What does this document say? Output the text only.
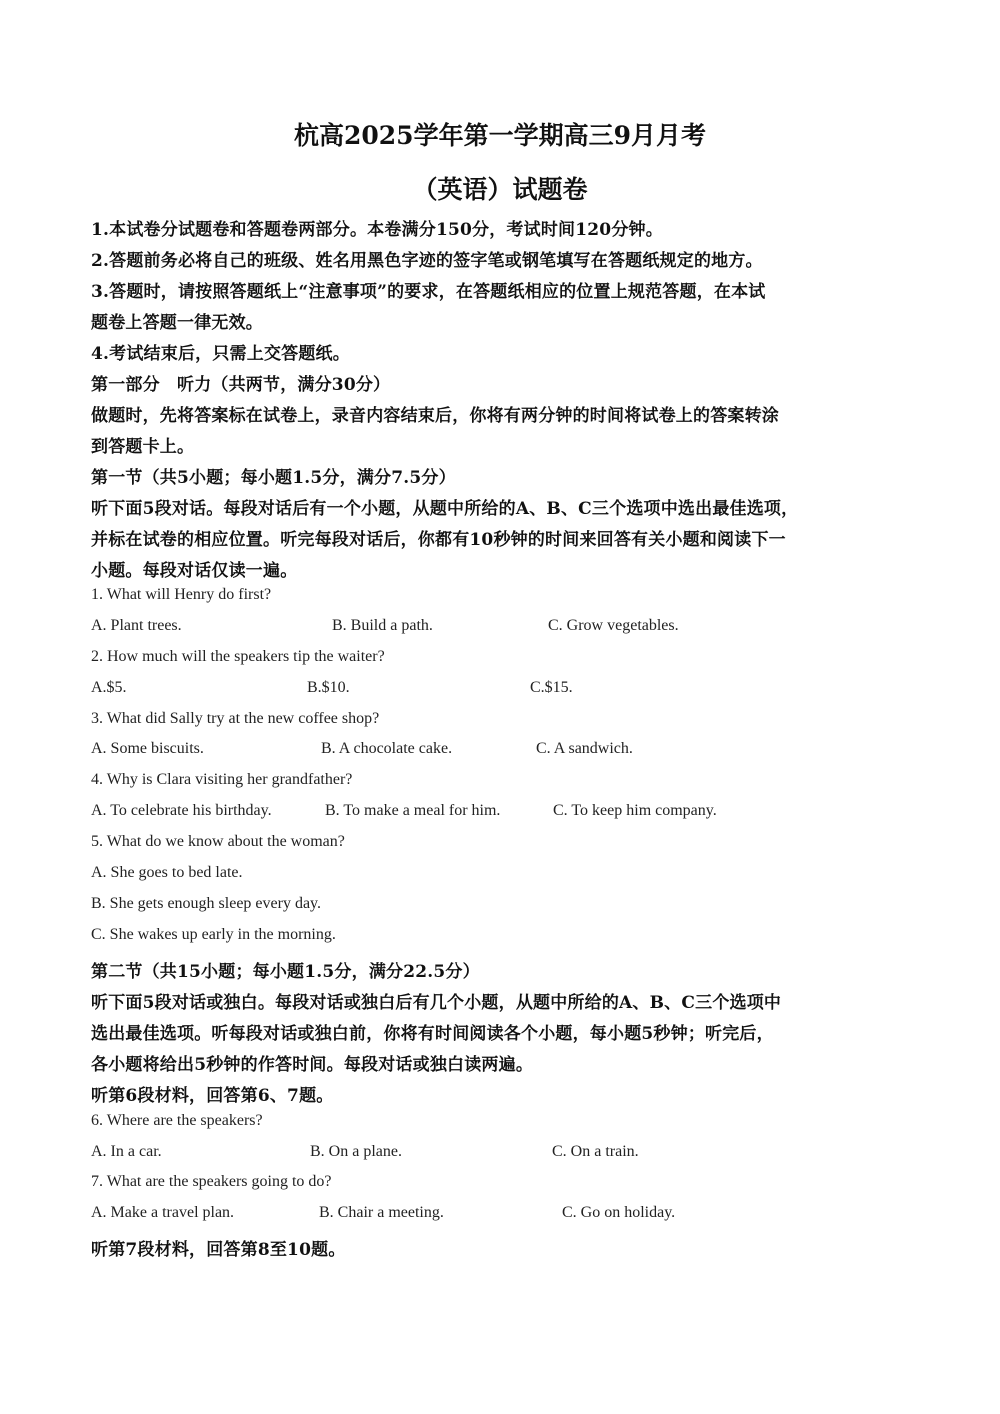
杭高2025学年第一学期高三9月月考
（英语）试题卷
1.本试卷分试题卷和答题卷两部分。本卷满分150分，考试时间120分钟。
2.答题前务必将自己的班级、姓名用黑色字迹的签字笔或钢笔填写在答题纸规定的地方。
3.答题时，请按照答题纸上“注意事项”的要求，在答题纸相应的位置上规范答题，在本试
题卷上答题一律无效。
4.考试结束后，只需上交答题纸。
第一部分　听力（共两节，满分30分）
做题时，先将答案标在试卷上，录音内容结束后，你将有两分钟的时间将试卷上的答案转涂
到答题卡上。
第一节（共5小题；每小题1.5分，满分7.5分）
听下面5段对话。每段对话后有一个小题，从题中所给的A、B、C三个选项中选出最佳选项，
并标在试卷的相应位置。听完每段对话后，你都有10秒钟的时间来回答有关小题和阅读下一
小题。每段对话仅读一遍。
1. What will Henry do first?
A. Plant trees.	B. Build a path.	C. Grow vegetables.
2. How much will the speakers tip the waiter?
A.$5.	B.$10.	C.$15.
3. What did Sally try at the new coffee shop?
A. Some biscuits.	B. A chocolate cake.	C. A sandwich.
4. Why is Clara visiting her grandfather?
A. To celebrate his birthday.	B. To make a meal for him.	C. To keep him company.
5. What do we know about the woman?
A. She goes to bed late.
B. She gets enough sleep every day.
C. She wakes up early in the morning.
第二节（共15小题；每小题1.5分，满分22.5分）
听下面5段对话或独白。每段对话或独白后有几个小题，从题中所给的A、B、C三个选项中
选出最佳选项。听每段对话或独白前，你将有时间阅读各个小题，每小题5秒钟；听完后，
各小题将给出5秒钟的作答时间。每段对话或独白读两遍。
听第6段材料，回答第6、7题。
6. Where are the speakers?
A. In a car.	B. On a plane.	C. On a train.
7. What are the speakers going to do?
A. Make a travel plan.	B. Chair a meeting.	C. Go on holiday.
听第7段材料，回答第8至10题。
